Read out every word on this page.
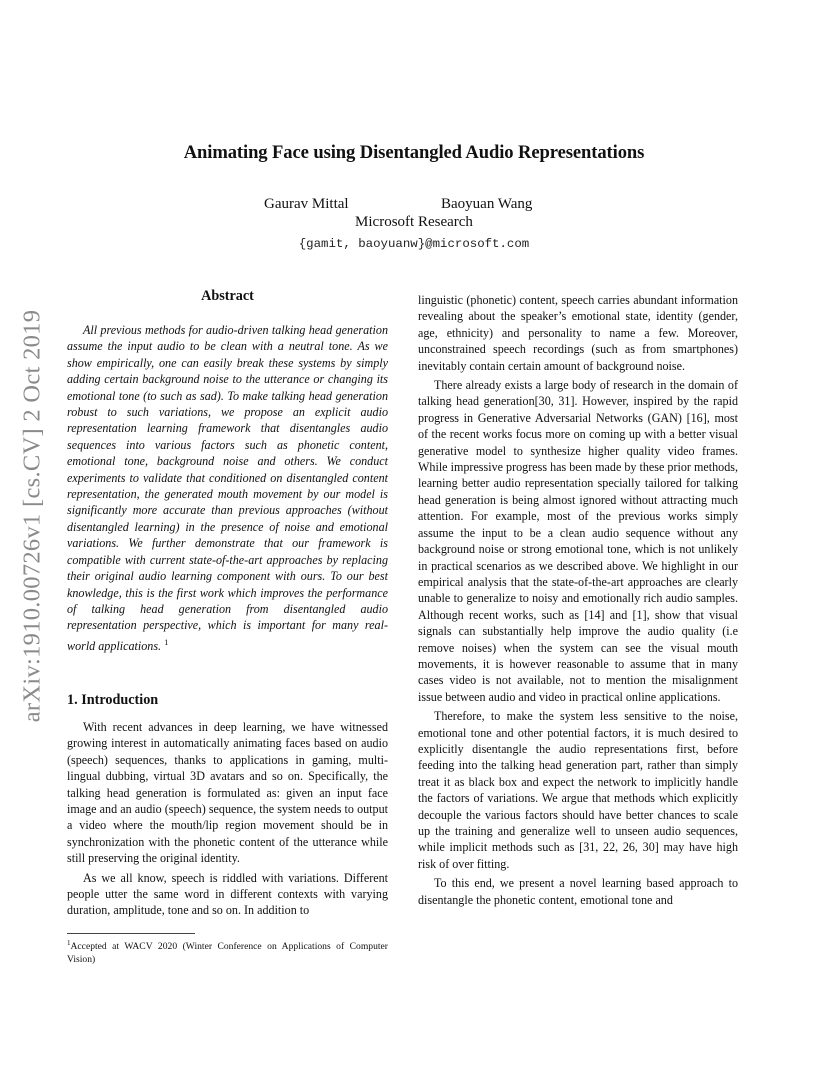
arXiv:1910.00726v1 [cs.CV] 2 Oct 2019
Animating Face using Disentangled Audio Representations
Gaurav Mittal	Baoyuan Wang
Microsoft Research
{gamit, baoyuanw}@microsoft.com
Abstract
All previous methods for audio-driven talking head generation assume the input audio to be clean with a neutral tone. As we show empirically, one can easily break these systems by simply adding certain background noise to the utterance or changing its emotional tone (to such as sad). To make talking head generation robust to such variations, we propose an explicit audio representation learning framework that disentangles audio sequences into various factors such as phonetic content, emotional tone, background noise and others. We conduct experiments to validate that conditioned on disentangled content representation, the generated mouth movement by our model is significantly more accurate than previous approaches (without disentangled learning) in the presence of noise and emotional variations. We further demonstrate that our framework is compatible with current state-of-the-art approaches by replacing their original audio learning component with ours. To our best knowledge, this is the first work which improves the performance of talking head generation from disentangled audio representation perspective, which is important for many real-world applications. $^1$
1. Introduction

With recent advances in deep learning, we have witnessed growing interest in automatically animating faces based on audio (speech) sequences, thanks to applications in gaming, multi-lingual dubbing, virtual 3D avatars and so on. Specifically, the talking head generation is formulated as: given an input face image and an audio (speech) sequence, the system needs to output a video where the mouth/lip region movement should be in synchronization with the phonetic content of the utterance while still preserving the original identity.

As we all know, speech is riddled with variations. Different people utter the same word in different contexts with varying duration, amplitude, tone and so on. In addition to

$^1$Accepted at WACV 2020 (Winter Conference on Applications of Computer Vision)

linguistic (phonetic) content, speech carries abundant information revealing about the speaker’s emotional state, identity (gender, age, ethnicity) and personality to name a few. Moreover, unconstrained speech recordings (such as from smartphones) inevitably contain certain amount of background noise.

There already exists a large body of research in the domain of talking head generation[30, 31]. However, inspired by the rapid progress in Generative Adversarial Networks (GAN) [16], most of the recent works focus more on coming up with a better visual generative model to synthesize higher quality video frames. While impressive progress has been made by these prior methods, learning better audio representation specially tailored for talking head generation is being almost ignored without attracting much attention. For example, most of the previous works simply assume the input to be a clean audio sequence without any background noise or strong emotional tone, which is not unlikely in practical scenarios as we described above. We highlight in our empirical analysis that the state-of-the-art approaches are clearly unable to generalize to noisy and emotionally rich audio samples. Although recent works, such as [14] and [1], show that visual signals can substantially help improve the audio quality (i.e remove noises) when the system can see the visual mouth movements, it is however reasonable to assume that in many cases video is not available, not to mention the misalignment issue between audio and video in practical online applications.

Therefore, to make the system less sensitive to the noise, emotional tone and other potential factors, it is much desired to explicitly disentangle the audio representations first, before feeding into the talking head generation part, rather than simply treat it as black box and expect the network to implicitly handle the factors of variations. We argue that methods which explicitly decouple the various factors should have better chances to scale up the training and generalize well to unseen audio sequences, while implicit methods such as [31, 22, 26, 30] may have high risk of over fitting.

To this end, we present a novel learning based approach to disentangle the phonetic content, emotional tone and
